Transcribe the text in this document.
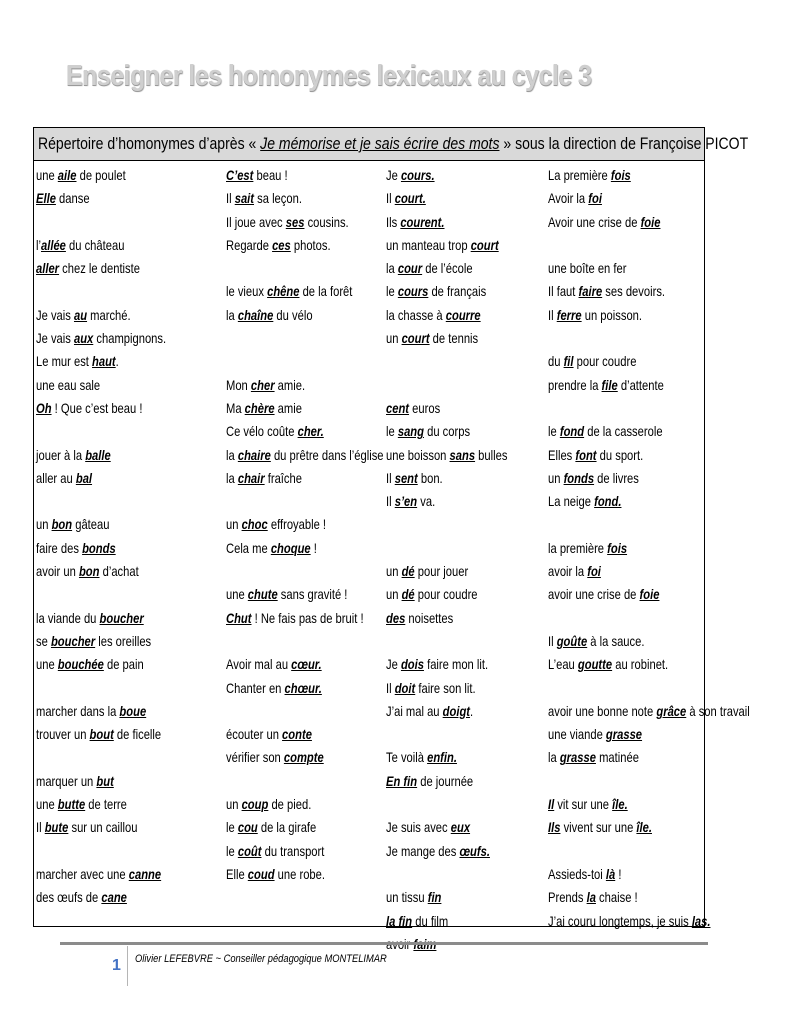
Enseigner les homonymes lexicaux au cycle 3
Répertoire d’homonymes d’après « Je mémorise et je sais écrire des mots » sous la direction de Françoise PICOT
une aile de poulet
Elle danse

l’allée du château
aller chez le dentiste

Je vais au marché.
Je vais aux champignons.
Le mur est haut.
une eau sale
Oh ! Que c’est beau !

jouer à la balle
aller au bal

un bon gâteau
faire des bonds
avoir un bon d’achat

la viande du boucher
se boucher les oreilles
une bouchée de pain

marcher dans la boue
trouver un bout de ficelle

marquer un but
une butte de terre
Il bute sur un caillou

marcher avec une canne
des œufs de cane
C’est beau !
Il sait sa leçon.
Il joue avec ses cousins.
Regarde ces photos.

le vieux chêne de la forêt
la chaîne du vélo

Mon cher amie.
Ma chère amie
Ce vélo coûte cher.
la chaire du prêtre dans l’église
la chair fraîche

un choc effroyable !
Cela me choque !

une chute sans gravité !
Chut ! Ne fais pas de bruit !

Avoir mal au cœur.
Chanter en chœur.

écouter un conte
vérifier son compte

un coup de pied.
le cou de la girafe
le coût du transport
Elle coud une robe.
Je cours.
Il court.
Ils courent.
un manteau trop court
la cour de l’école
le cours de français
la chasse à courre
un court de tennis

cent euros
le sang du corps
une boisson sans bulles
Il sent bon.
Il s’en va.

un dé pour jouer
un dé pour coudre
des noisettes

Je dois faire mon lit.
Il doit faire son lit.
J’ai mal au doigt.

Te voilà enfin.
En fin de journée

Je suis avec eux
Je mange des œufs.

un tissu fin
la fin du film
La première fois
Avoir la foi
Avoir une crise de foie

une boîte en fer
Il faut faire ses devoirs.
Il ferre un poisson.

du fil pour coudre
prendre la file d’attente

le fond de la casserole
Elles font du sport.
un fonds de livres
La neige fond.

la première fois
avoir la foi
avoir une crise de foie

Il goûte à la sauce.
L’eau goutte au robinet.

avoir une bonne note grâce à son travail
une viande grasse
la grasse matinée

Il vit sur une île.
Ils vivent sur une île.

Assieds-toi là !
Prends la chaise !
J’ai couru longtemps, je suis las.
1 Olivier LEFEBVRE ~ Conseiller pédagogique MONTELIMAR
